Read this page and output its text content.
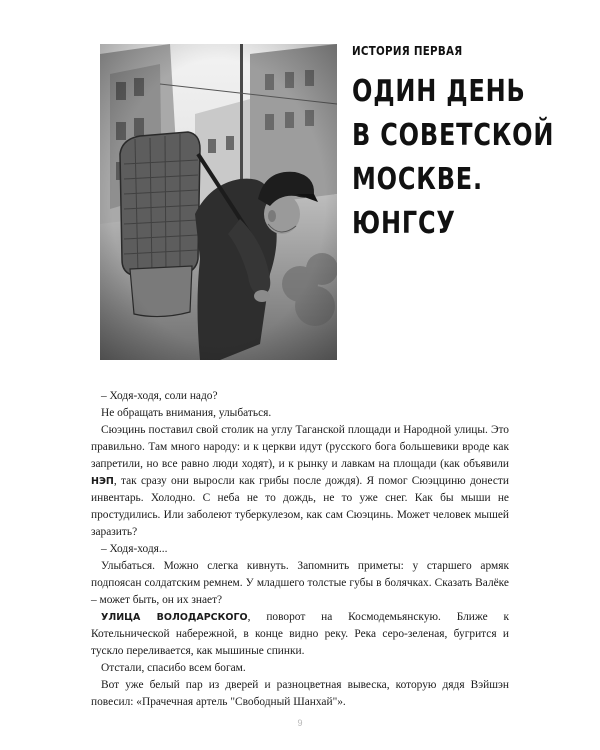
ИСТОРИЯ ПЕРВАЯ
ОДИН ДЕНЬ
В СОВЕТСКОЙ
МОСКВЕ.
ЮНГСУ

– Ходя-ходя, соли надо?

Не обращать внимания, улыбаться.

Сюэцинь поставил свой столик на углу Таганской площади и Народной улицы. Это правильно. Там много народу: и к церкви идут (русского бога большевики вроде как запретили, но все равно люди ходят), и к рынку и лавкам на площади (как объявили НЭП, так сразу они выросли как грибы после дождя). Я помог Сюэцциню донести инвентарь. Холодно. С неба не то дождь, не то уже снег. Как бы мыши не простудились. Или заболеют туберкулезом, как сам Сюэцинь. Может человек мышей заразить?

– Ходя-ходя...

Улыбаться. Можно слегка кивнуть. Запомнить приметы: у старшего армяк подпоясан солдатским ремнем. У младшего толстые губы в болячках. Сказать Валёке – может быть, он их знает?

УЛИЦА ВОЛОДАРСКОГО, поворот на Космодемьянскую. Ближе к Котельнической набережной, в конце видно реку. Река серо-зеленая, бугрится и тускло переливается, как мышиные спинки.

Отстали, спасибо всем богам.

Вот уже белый пар из дверей и разноцветная вывеска, которую дядя Вэйшэн повесил: «Прачечная артель "Свободный Шанхай"».

9
